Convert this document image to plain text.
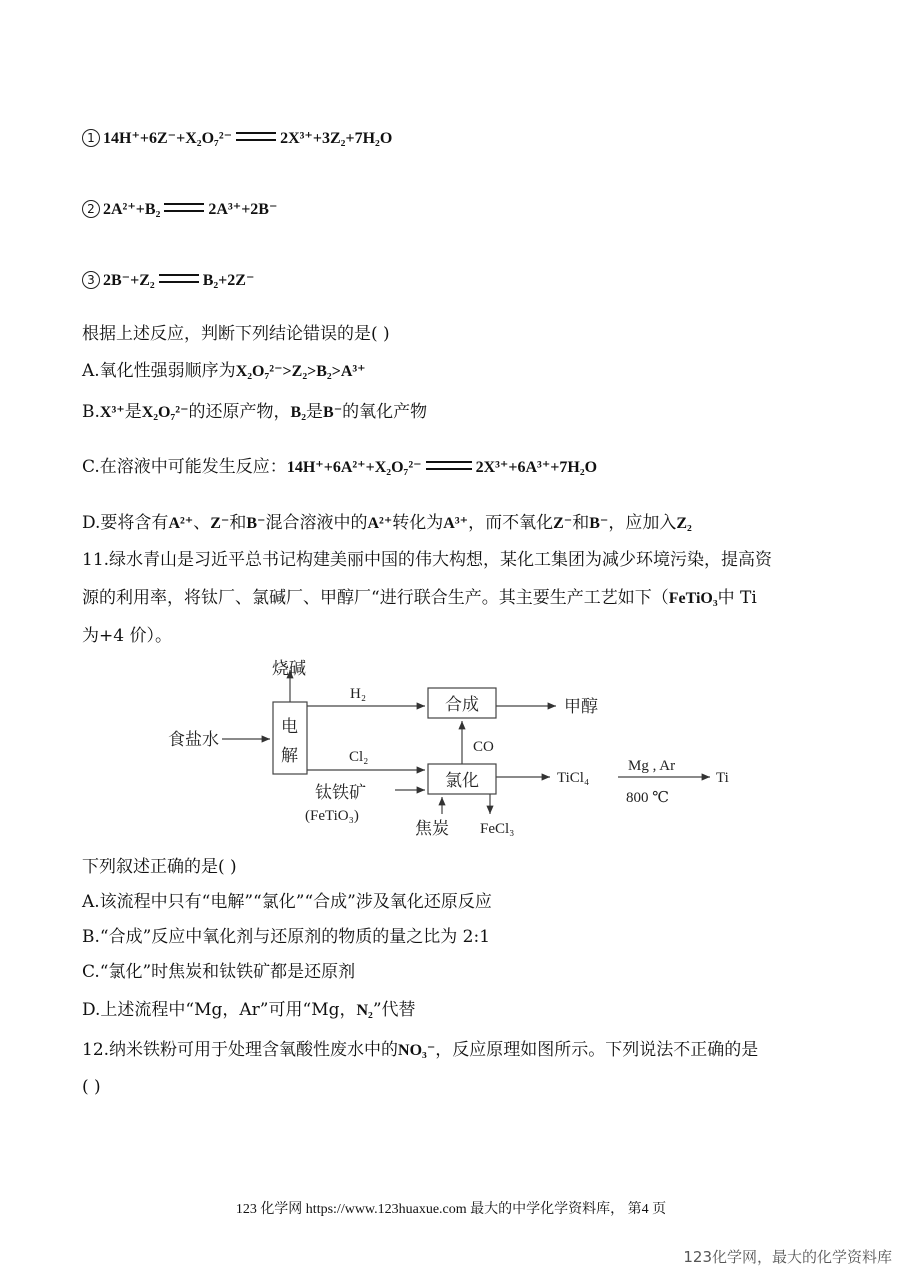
1 14H⁺+6Z⁻+X₂O₇²⁻	2X³⁺+3Z₂+7H₂O
2 2A²⁺+B₂	2A³⁺+2B⁻
3 2B⁻+Z₂	B₂+2Z⁻
根据上述反应，判断下列结论错误的是( )
A.氧化性强弱顺序为X₂O₇²⁻>Z₂>B₂>A³⁺
B.X³⁺是X₂O₇²⁻的还原产物，B₂是B⁻的氧化产物
C.在溶液中可能发生反应：14H⁺+6A²⁺+X₂O₇²⁻	2X³⁺+6A³⁺+7H₂O
D.要将含有A²⁺、Z⁻和B⁻混合溶液中的A²⁺转化为A³⁺，而不氧化Z⁻和B⁻，应加入Z₂
11.绿水青山是习近平总书记构建美丽中国的伟大构想，某化工集团为减少环境污染，提高资
源的利用率，将钛厂、氯碱厂、甲醇厂“进行联合生产。其主要生产工艺如下（FeTiO₃中 Ti
为+4 价）。
烧碱
食盐水
电
解
H₂
Cl₂
合成	甲醇
CO
氯化
钛铁矿
(FeTiO₃)
焦炭 FeCl₃
TiCl₄
Mg , Ar
800 ℃
Ti
下列叙述正确的是( )
A.该流程中只有“电解”“氯化”“合成”涉及氧化还原反应
B.“合成”反应中氧化剂与还原剂的物质的量之比为 2:1
C.“氯化”时焦炭和钛铁矿都是还原剂
D.上述流程中“Mg，Ar”可用“Mg，N₂”代替
12.纳米铁粉可用于处理含氧酸性废水中的NO₃⁻，反应原理如图所示。下列说法不正确的是
( )
123 化学网 https://www.123huaxue.com 最大的中学化学资料库， 第4 页
123化学网，最大的化学资料库
